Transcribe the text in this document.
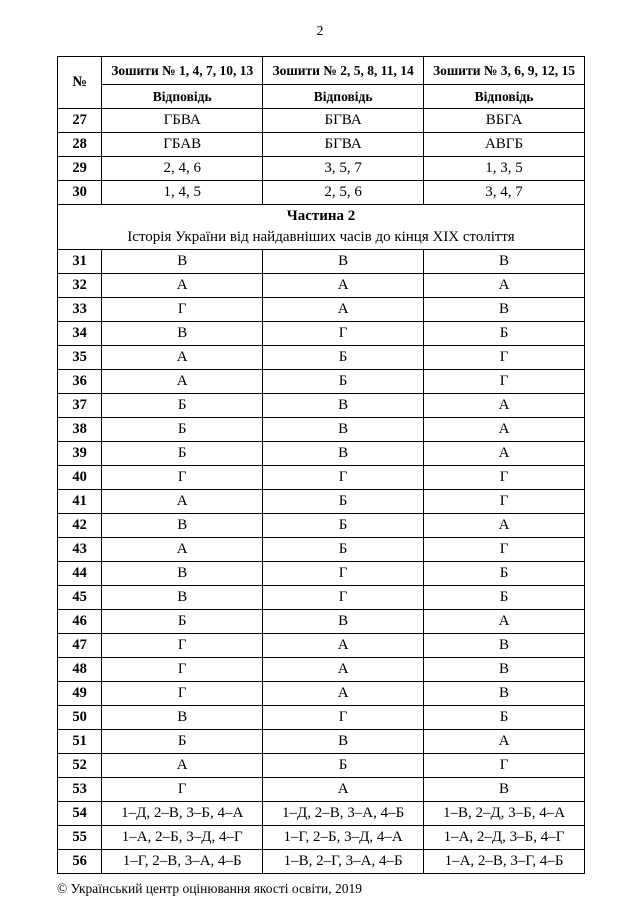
2
№	Зошити № 1, 4, 7, 10, 13	Зошити № 2, 5, 8, 11, 14	Зошити № 3, 6, 9, 12, 15
	Відповідь	Відповідь	Відповідь
27	ГБВА	БГВА	ВБГА
28	ГБАВ	БГВА	АВГБ
29	2, 4, 6	3, 5, 7	1, 3, 5
30	1, 4, 5	2, 5, 6	3, 4, 7

Частина 2
Історія України від найдавніших часів до кінця XIX століття			

31	В	В	В
32	А	А	А
33	Г	А	В
34	В	Г	Б
35	А	Б	Г
36	А	Б	Г
37	Б	В	А
38	Б	В	А
39	Б	В	А
40	Г	Г	Г
41	А	Б	Г
42	В	Б	А
43	А	Б	Г
44	В	Г	Б
45	В	Г	Б
46	Б	В	А
47	Г	А	В
48	Г	А	В
49	Г	А	В
50	В	Г	Б
51	Б	В	А
52	А	Б	Г
53	Г	А	В
54	1–Д, 2–В, 3–Б, 4–А	1–Д, 2–В, 3–А, 4–Б	1–В, 2–Д, 3–Б, 4–А
55	1–А, 2–Б, 3–Д, 4–Г	1–Г, 2–Б, 3–Д, 4–А	1–А, 2–Д, 3–Б, 4–Г
56	1–Г, 2–В, 3–А, 4–Б	1–В, 2–Г, 3–А, 4–Б	1–А, 2–В, 3–Г, 4–Б
© Український центр оцінювання якості освіти, 2019
